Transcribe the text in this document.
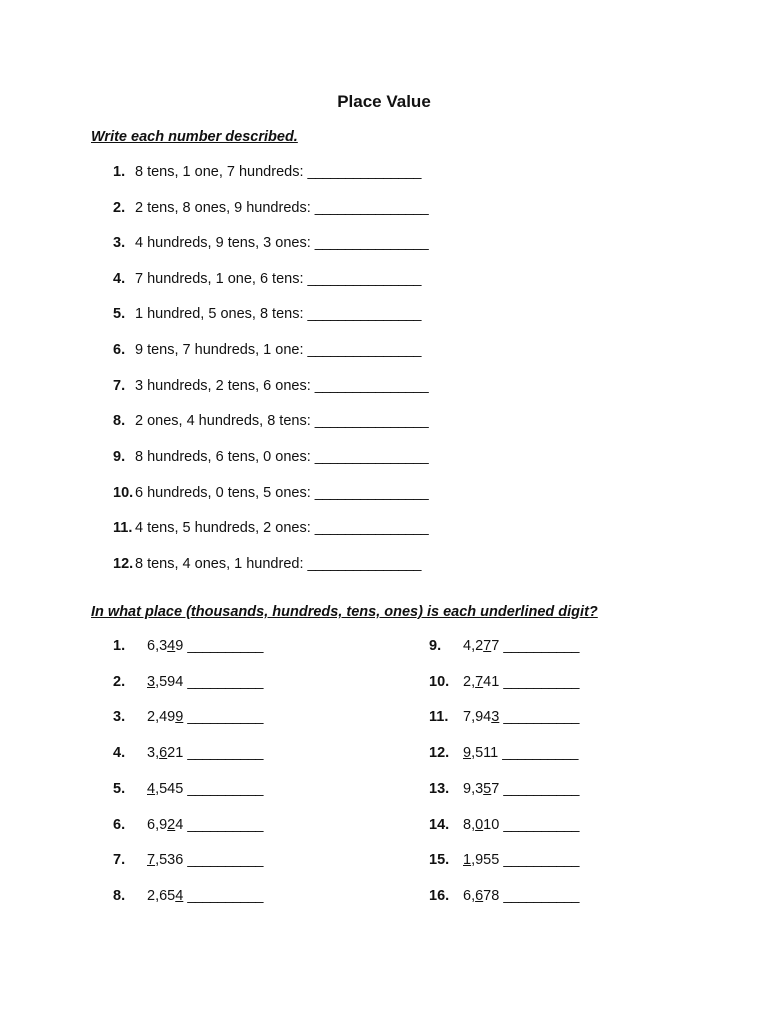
Place Value
Write each number described.
1. 8 tens, 1 one, 7 hundreds: _______________
2. 2 tens, 8 ones, 9 hundreds: _______________
3. 4 hundreds, 9 tens, 3 ones: _______________
4. 7 hundreds, 1 one, 6 tens: _______________
5. 1 hundred, 5 ones, 8 tens: _______________
6. 9 tens, 7 hundreds, 1 one: _______________
7. 3 hundreds, 2 tens, 6 ones: _______________
8. 2 ones, 4 hundreds, 8 tens: _______________
9. 8 hundreds, 6 tens, 0 ones: _______________
10. 6 hundreds, 0 tens, 5 ones: _______________
11. 4 tens, 5 hundreds, 2 ones: _______________
12. 8 tens, 4 ones, 1 hundred: _______________
In what place (thousands, hundreds, tens, ones) is each underlined digit?
1. 6,349 __________
2. 3,594 __________
3. 2,499 __________
4. 3,621 __________
5. 4,545 __________
6. 6,924 __________
7. 7,536 __________
8. 2,654 __________
9. 4,277 __________
10. 2,741 __________
11. 7,943 __________
12. 9,511 __________
13. 9,357 __________
14. 8,010 __________
15. 1,955 __________
16. 6,678 __________
